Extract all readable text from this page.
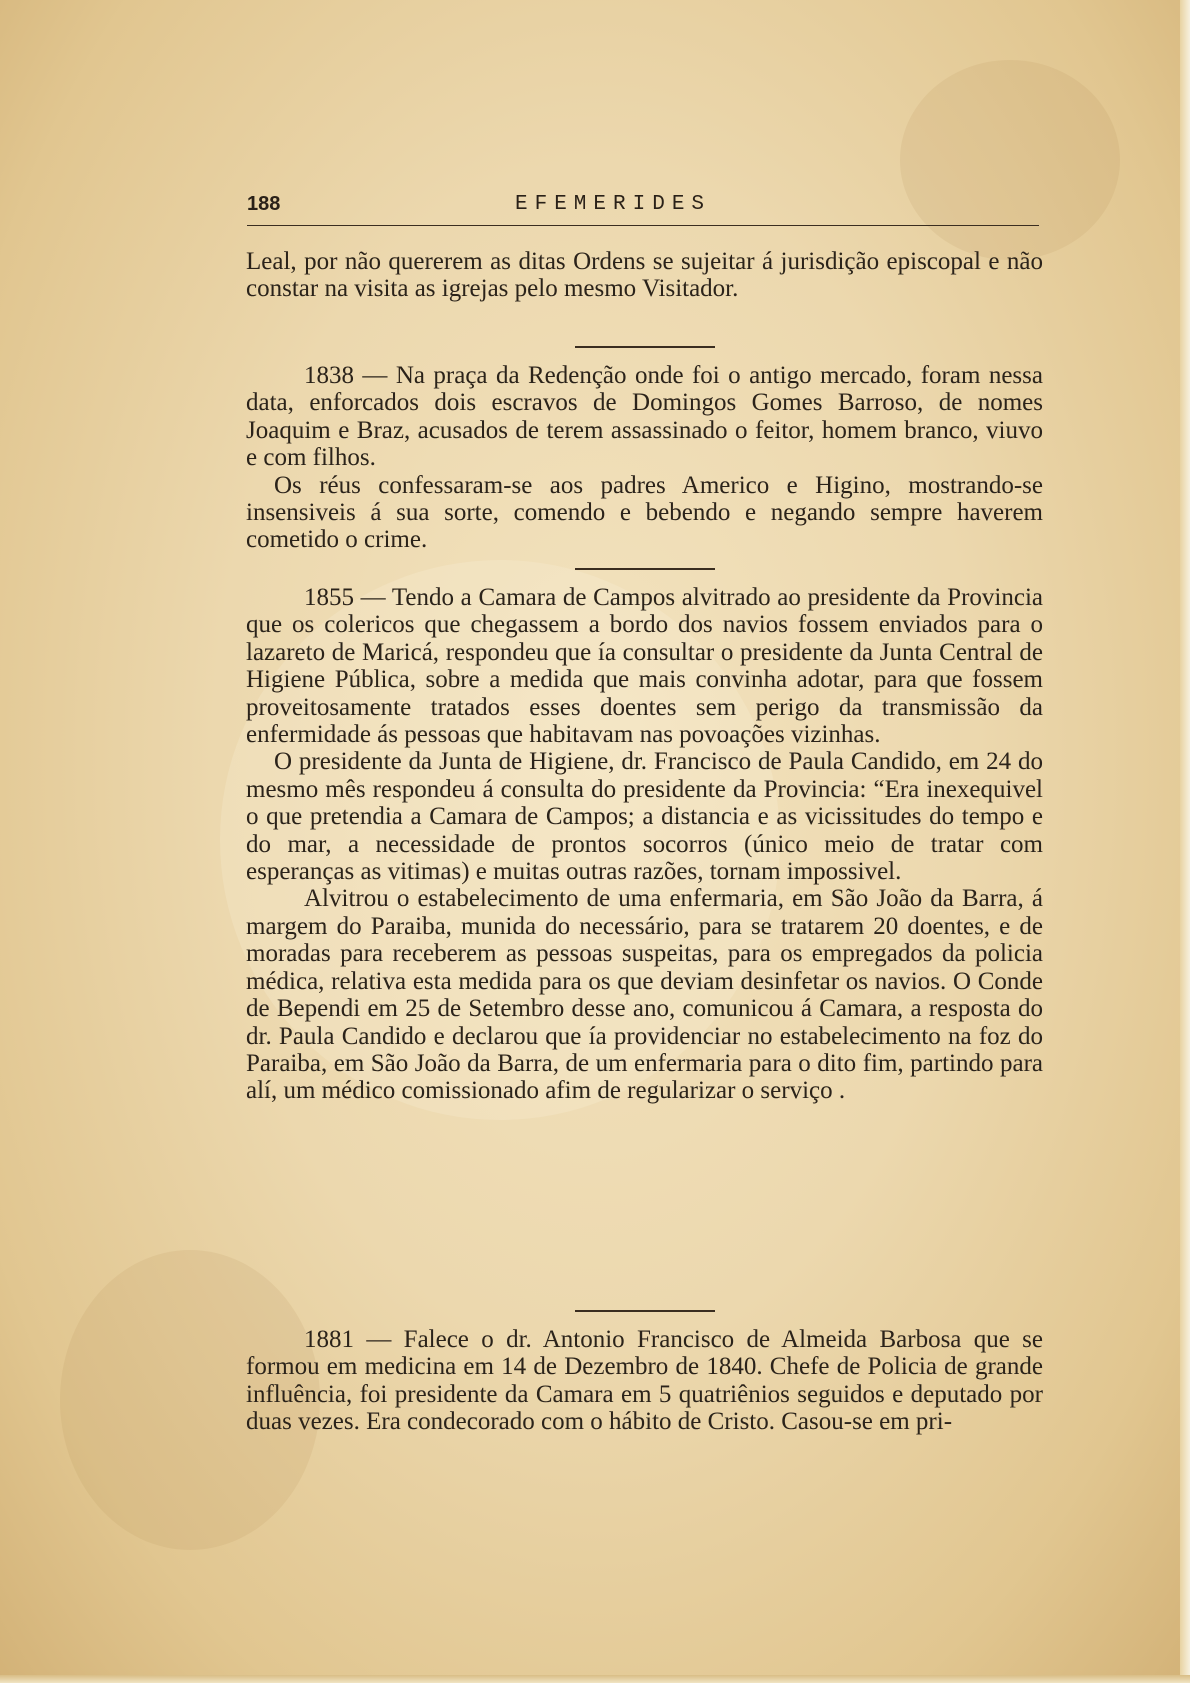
188	EFEMERIDES

Leal, por não quererem as ditas Ordens se sujeitar á jurisdição episcopal e não constar na visita as igrejas pelo mesmo Visitador.

1838 — Na praça da Redenção onde foi o antigo mercado, foram nessa data, enforcados dois escravos de Domingos Gomes Barroso, de nomes Joaquim e Braz, acusados de terem assassinado o feitor, homem branco, viuvo e com filhos.

Os réus confessaram-se aos padres Americo e Higino, mostrando-se insensiveis á sua sorte, comendo e bebendo e negando sempre haverem cometido o crime.

1855 — Tendo a Camara de Campos alvitrado ao presidente da Provincia que os colericos que chegassem a bordo dos navios fossem enviados para o lazareto de Maricá, respondeu que ía consultar o presidente da Junta Central de Higiene Pública, sobre a medida que mais convinha adotar, para que fossem proveitosamente tratados esses doentes sem perigo da transmissão da enfermidade ás pessoas que habitavam nas povoações vizinhas.

O presidente da Junta de Higiene, dr. Francisco de Paula Candido, em 24 do mesmo mês respondeu á consulta do presidente da Provincia: “Era inexequivel o que pretendia a Camara de Campos; a distancia e as vicissitudes do tempo e do mar, a necessidade de prontos socorros (único meio de tratar com esperanças as vitimas) e muitas outras razões, tornam impossivel.

Alvitrou o estabelecimento de uma enfermaria, em São João da Barra, á margem do Paraiba, munida do necessário, para se tratarem 20 doentes, e de moradas para receberem as pessoas suspeitas, para os empregados da policia médica, relativa esta medida para os que deviam desinfetar os navios. O Conde de Bependi em 25 de Setembro desse ano, comunicou á Camara, a resposta do dr. Paula Candido e declarou que ía providenciar no estabelecimento na foz do Paraiba, em São João da Barra, de um enfermaria para o dito fim, partindo para alí, um médico comissionado afim de regularizar o serviço .

1881 — Falece o dr. Antonio Francisco de Almeida Barbosa que se formou em medicina em 14 de Dezembro de 1840. Chefe de Policia de grande influência, foi presidente da Camara em 5 quatriênios seguidos e deputado por duas vezes. Era condecorado com o hábito de Cristo. Casou-se em pri-
